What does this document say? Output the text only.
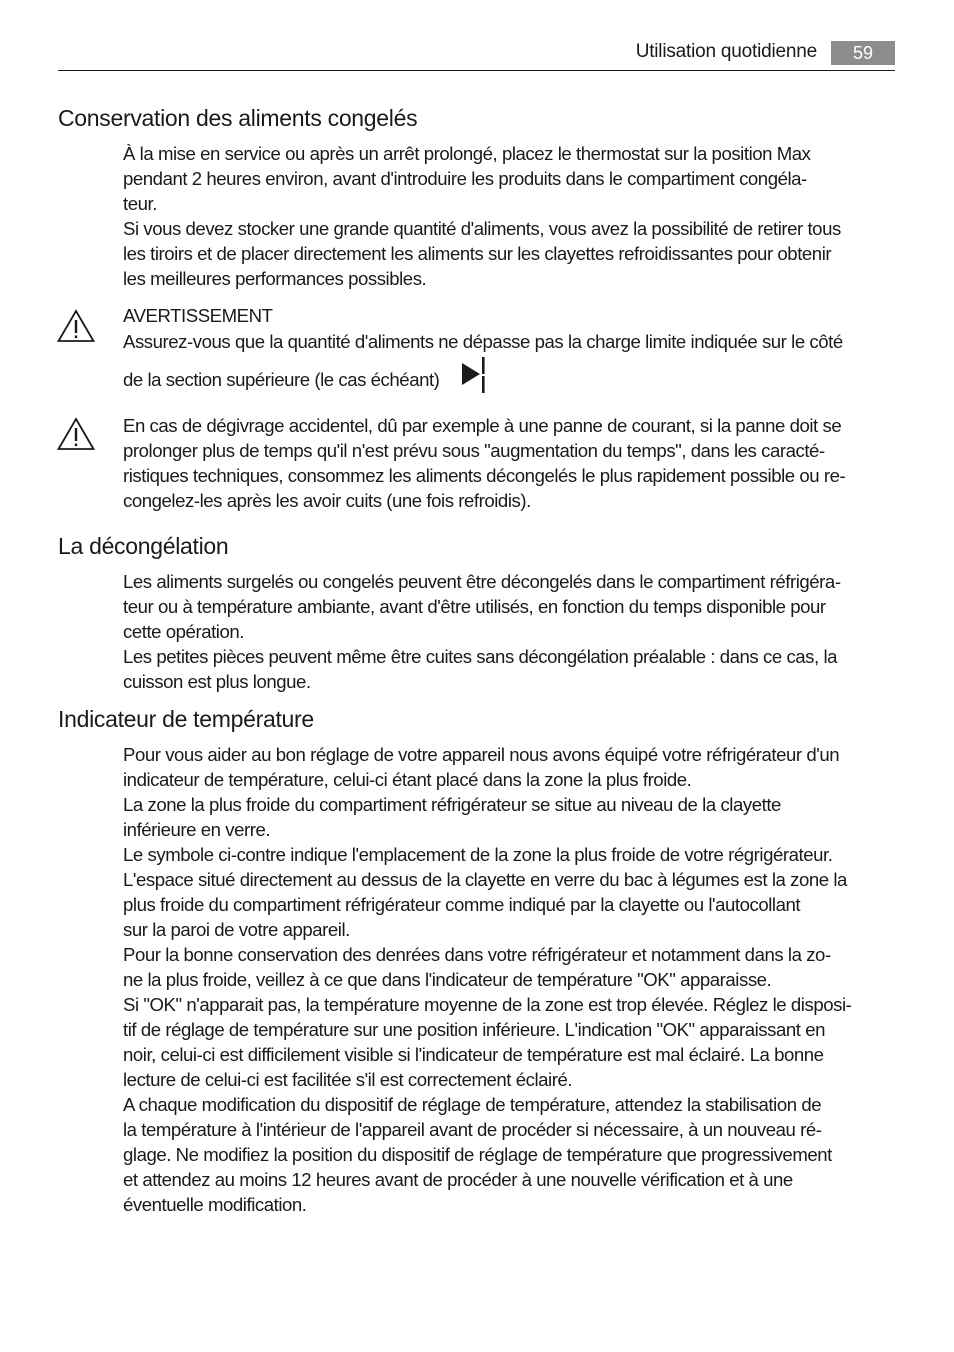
Utilisation quotidienne	59
Conservation des aliments congelés

À la mise en service ou après un arrêt prolongé, placez le thermostat sur la position Max

pendant 2 heures environ, avant d'introduire les produits dans le compartiment congéla-

teur.

Si vous devez stocker une grande quantité d'aliments, vous avez la possibilité de retirer tous

les tiroirs et de placer directement les aliments sur les clayettes refroidissantes pour obtenir

les meilleures performances possibles.

AVERTISSEMENT

Assurez-vous que la quantité d'aliments ne dépasse pas la charge limite indiquée sur le côté

de la section supérieure (le cas échéant)

En cas de dégivrage accidentel, dû par exemple à une panne de courant, si la panne doit se

prolonger plus de temps qu'il n'est prévu sous "augmentation du temps", dans les caracté-

ristiques techniques, consommez les aliments décongelés le plus rapidement possible ou re-

congelez-les après les avoir cuits (une fois refroidis).

La décongélation

Les aliments surgelés ou congelés peuvent être décongelés dans le compartiment réfrigéra-

teur ou à température ambiante, avant d'être utilisés, en fonction du temps disponible pour

cette opération.

Les petites pièces peuvent même être cuites sans décongélation préalable : dans ce cas, la

cuisson est plus longue.

Indicateur de température

Pour vous aider au bon réglage de votre appareil nous avons équipé votre réfrigérateur d'un

indicateur de température, celui-ci étant placé dans la zone la plus froide.

La zone la plus froide du compartiment réfrigérateur se situe au niveau de la clayette

inférieure en verre.

Le symbole ci-contre indique l'emplacement de la zone la plus froide de votre régrigérateur.

L'espace situé directement au dessus de la clayette en verre du bac à légumes est la zone la

plus froide du compartiment réfrigérateur comme indiqué par la clayette ou l'autocollant

sur la paroi de votre appareil.

Pour la bonne conservation des denrées dans votre réfrigérateur et notamment dans la zo-

ne la plus froide, veillez à ce que dans l'indicateur de température "OK" apparaisse.

Si "OK" n'apparait pas, la température moyenne de la zone est trop élevée. Réglez le disposi-

tif de réglage de température sur une position inférieure. L'indication "OK" apparaissant en

noir, celui-ci est difficilement visible si l'indicateur de température est mal éclairé. La bonne

lecture de celui-ci est facilitée s'il est correctement éclairé.

A chaque modification du dispositif de réglage de température, attendez la stabilisation de

la température à l'intérieur de l'appareil avant de procéder si nécessaire, à un nouveau ré-

glage. Ne modifiez la position du dispositif de réglage de température que progressivement

et attendez au moins 12 heures avant de procéder à une nouvelle vérification et à une

éventuelle modification.
